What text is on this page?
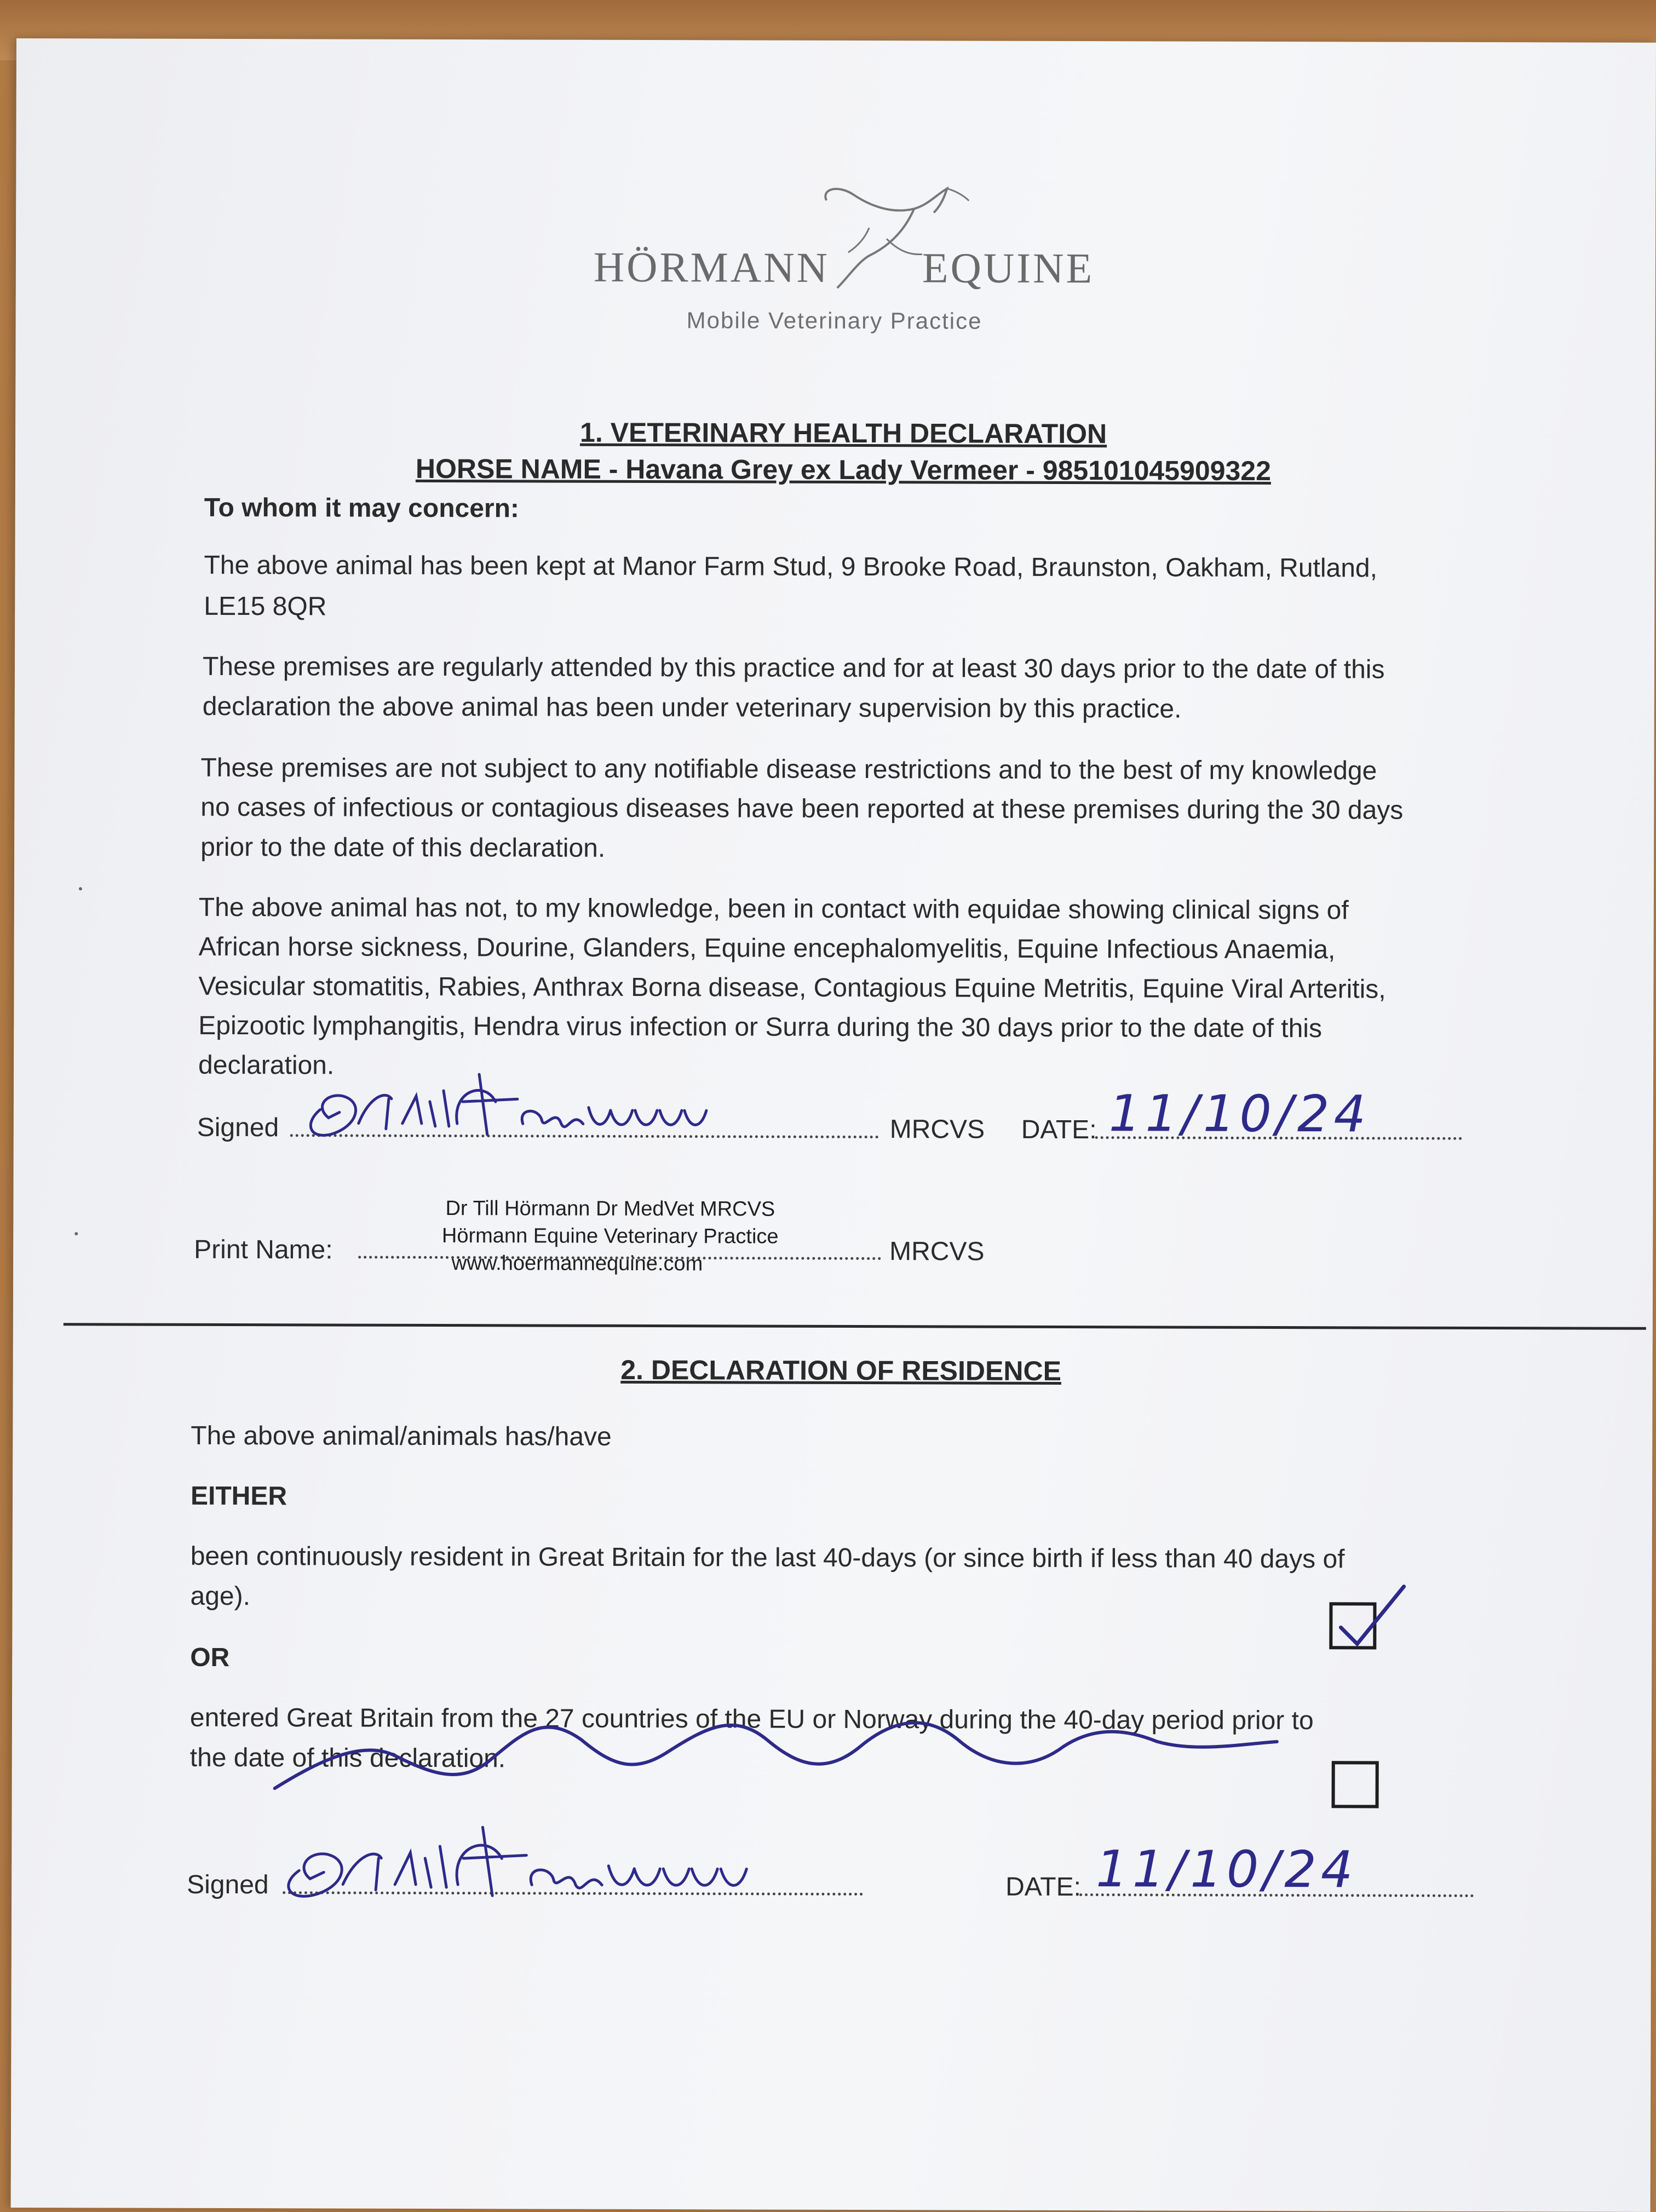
HÖRMANN EQUINE
Mobile Veterinary Practice
1. VETERINARY HEALTH DECLARATION
HORSE NAME - Havana Grey ex Lady Vermeer - 985101045909322
To whom it may concern:
The above animal has been kept at Manor Farm Stud, 9 Brooke Road, Braunston, Oakham, Rutland,
LE15 8QR
These premises are regularly attended by this practice and for at least 30 days prior to the date of this
declaration the above animal has been under veterinary supervision by this practice.
These premises are not subject to any notifiable disease restrictions and to the best of my knowledge
no cases of infectious or contagious diseases have been reported at these premises during the 30 days
prior to the date of this declaration.
The above animal has not, to my knowledge, been in contact with equidae showing clinical signs of
African horse sickness, Dourine, Glanders, Equine encephalomyelitis, Equine Infectious Anaemia,
Vesicular stomatitis, Rabies, Anthrax Borna disease, Contagious Equine Metritis, Equine Viral Arteritis,
Epizootic lymphangitis, Hendra virus infection or Surra during the 30 days prior to the date of this
declaration.
Signed	MRCVS DATE: 11/10/24
Print Name:
Dr Till Hörmann Dr MedVet MRCVS
Hörmann Equine Veterinary Practice
www.hoermannequine.com	MRCVS
2. DECLARATION OF RESIDENCE
The above animal/animals has/have
EITHER
been continuously resident in Great Britain for the last 40-days (or since birth if less than 40 days of
age).
OR
entered Great Britain from the 27 countries of the EU or Norway during the 40-day period prior to
the date of this declaration.
Signed	DATE: 11/10/24
